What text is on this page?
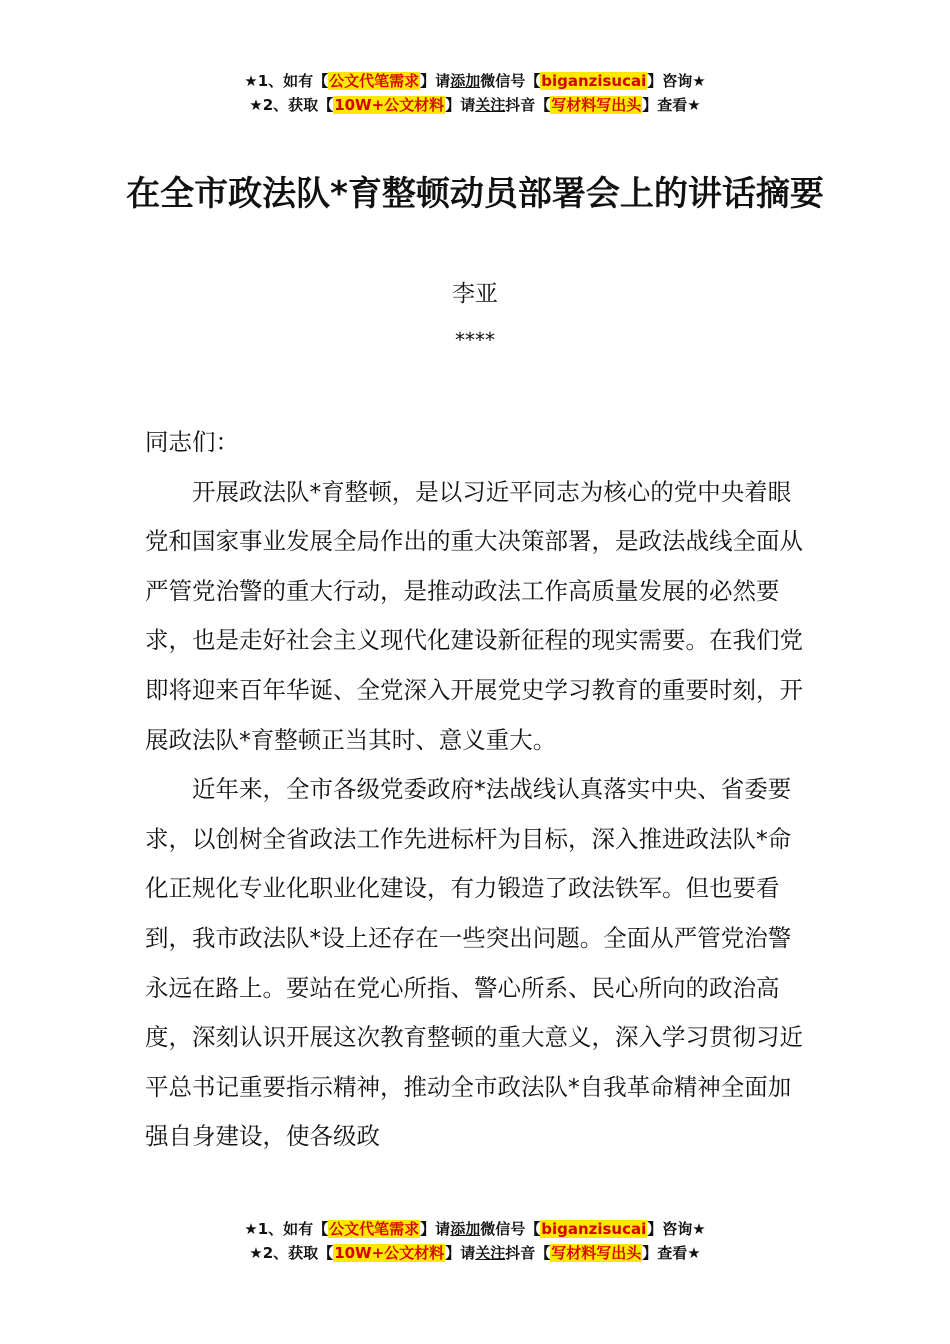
★1、如有【公文代笔需求】请添加微信号【biganzisucai】咨询★
★2、获取【10W+公文材料】请关注抖音【写材料写出头】查看★
在全市政法队*育整顿动员部署会上的讲话摘要
李亚
****

同志们：

开展政法队*育整顿，是以习近平同志为核心的党中央着眼党和国家事业发展全局作出的重大决策部署，是政法战线全面从严管党治警的重大行动，是推动政法工作高质量发展的必然要求，也是走好社会主义现代化建设新征程的现实需要。在我们党即将迎来百年华诞、全党深入开展党史学习教育的重要时刻，开展政法队*育整顿正当其时、意义重大。

近年来，全市各级党委政府*法战线认真落实中央、省委要求，以创树全省政法工作先进标杆为目标，深入推进政法队*命化正规化专业化职业化建设，有力锻造了政法铁军。但也要看到，我市政法队*设上还存在一些突出问题。全面从严管党治警永远在路上。要站在党心所指、警心所系、民心所向的政治高度，深刻认识开展这次教育整顿的重大意义，深入学习贯彻习近平总书记重要指示精神，推动全市政法队*自我革命精神全面加强自身建设，使各级政

★1、如有【公文代笔需求】请添加微信号【biganzisucai】咨询★
★2、获取【10W+公文材料】请关注抖音【写材料写出头】查看★
